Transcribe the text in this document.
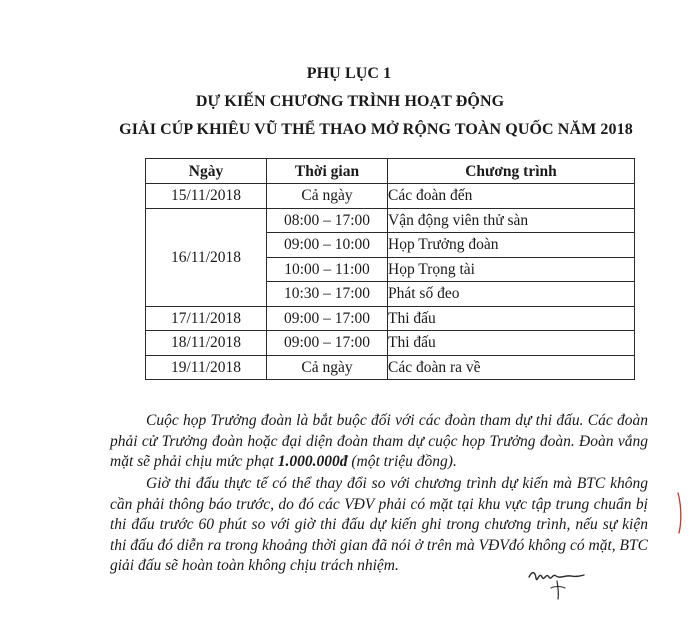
PHỤ LỤC 1
DỰ KIẾN CHƯƠNG TRÌNH HOẠT ĐỘNG
GIẢI CÚP KHIÊU VŨ THỂ THAO MỞ RỘNG TOÀN QUỐC NĂM 2018
Ngày	Thời gian	Chương trình
15/11/2018	Cả ngày	Các đoàn đến
16/11/2018	08:00 – 17:00	Vận động viên thử sàn
	09:00 – 10:00	Họp Trưởng đoàn
	10:00 – 11:00	Họp Trọng tài
	10:30 – 17:00	Phát số đeo
17/11/2018	09:00 – 17:00	Thi đấu
18/11/2018	09:00 – 17:00	Thi đấu
19/11/2018	Cả ngày	Các đoàn ra về
Cuộc họp Trưởng đoàn là bắt buộc đối với các đoàn tham dự thi đấu. Các đoàn phải cử Trưởng đoàn hoặc đại diện đoàn tham dự cuộc họp Trưởng đoàn. Đoàn vắng mặt sẽ phải chịu mức phạt 1.000.000đ (một triệu đồng).
Giờ thi đấu thực tế có thể thay đổi so với chương trình dự kiến mà BTC không cần phải thông báo trước, do đó các VĐV phải có mặt tại khu vực tập trung chuẩn bị thi đấu trước 60 phút so với giờ thi đấu dự kiến ghi trong chương trình, nếu sự kiện thi đấu đó diễn ra trong khoảng thời gian đã nói ở trên mà VĐVđó không có mặt, BTC giải đấu sẽ hoàn toàn không chịu trách nhiệm.
